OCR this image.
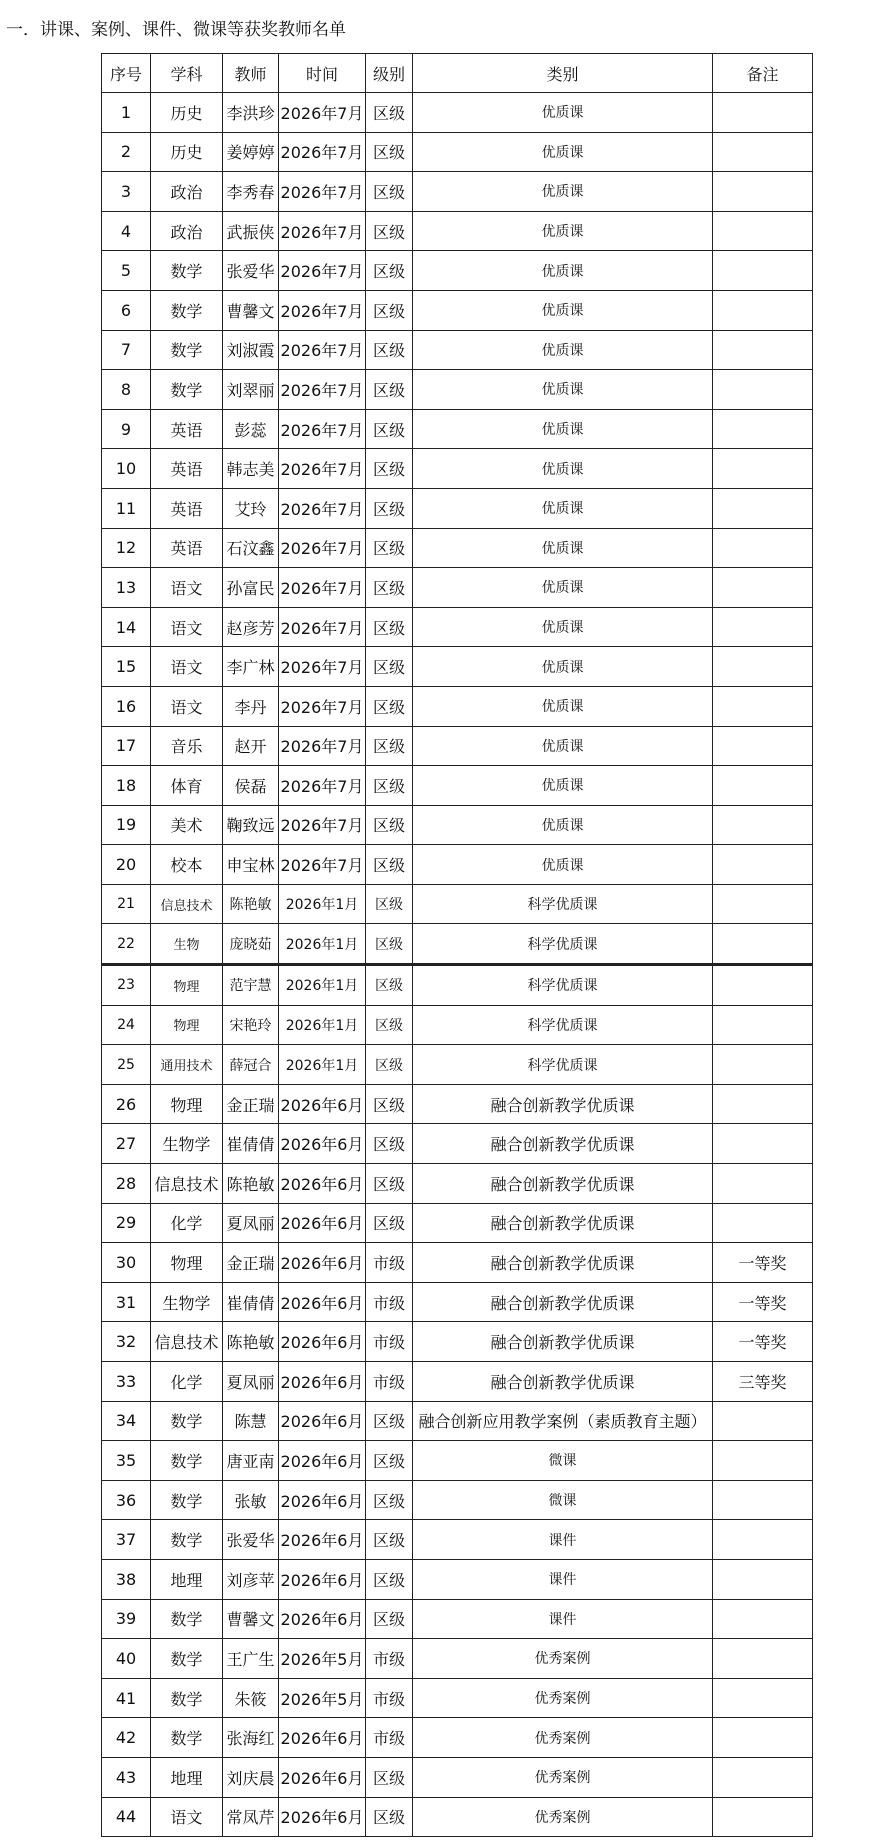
一．讲课、案例、课件、微课等获奖教师名单
序号	学科	教师	时间	级别	类别	备注
1	历史	李洪珍	2026年7月	区级	优质课	
2	历史	姜婷婷	2026年7月	区级	优质课	
3	政治	李秀春	2026年7月	区级	优质课	
4	政治	武振侠	2026年7月	区级	优质课	
5	数学	张爱华	2026年7月	区级	优质课	
6	数学	曹馨文	2026年7月	区级	优质课	
7	数学	刘淑霞	2026年7月	区级	优质课	
8	数学	刘翠丽	2026年7月	区级	优质课	
9	英语	彭蕊	2026年7月	区级	优质课	
10	英语	韩志美	2026年7月	区级	优质课	
11	英语	艾玲	2026年7月	区级	优质课	
12	英语	石汶鑫	2026年7月	区级	优质课	
13	语文	孙富民	2026年7月	区级	优质课	
14	语文	赵彦芳	2026年7月	区级	优质课	
15	语文	李广林	2026年7月	区级	优质课	
16	语文	李丹	2026年7月	区级	优质课	
17	音乐	赵开	2026年7月	区级	优质课	
18	体育	侯磊	2026年7月	区级	优质课	
19	美术	鞠致远	2026年7月	区级	优质课	
20	校本	申宝林	2026年7月	区级	优质课	
21	信息技术	陈艳敏	2026年1月	区级	科学优质课	
22	生物	庞晓茹	2026年1月	区级	科学优质课	
23	物理	范宇慧	2026年1月	区级	科学优质课	
24	物理	宋艳玲	2026年1月	区级	科学优质课	
25	通用技术	薛冠合	2026年1月	区级	科学优质课	
26	物理	金正瑞	2026年6月	区级	融合创新教学优质课	
27	生物学	崔倩倩	2026年6月	区级	融合创新教学优质课	
28	信息技术	陈艳敏	2026年6月	区级	融合创新教学优质课	
29	化学	夏凤丽	2026年6月	区级	融合创新教学优质课	
30	物理	金正瑞	2026年6月	市级	融合创新教学优质课	一等奖
31	生物学	崔倩倩	2026年6月	市级	融合创新教学优质课	一等奖
32	信息技术	陈艳敏	2026年6月	市级	融合创新教学优质课	一等奖
33	化学	夏凤丽	2026年6月	市级	融合创新教学优质课	三等奖
34	数学	陈慧	2026年6月	区级	融合创新应用教学案例（素质教育主题）	
35	数学	唐亚南	2026年6月	区级	微课	
36	数学	张敏	2026年6月	区级	微课	
37	数学	张爱华	2026年6月	区级	课件	
38	地理	刘彦苹	2026年6月	区级	课件	
39	数学	曹馨文	2026年6月	区级	课件	
40	数学	王广生	2026年5月	市级	优秀案例	
41	数学	朱筱	2026年5月	市级	优秀案例	
42	数学	张海红	2026年6月	市级	优秀案例	
43	地理	刘庆晨	2026年6月	区级	优秀案例	
44	语文	常凤芹	2026年6月	区级	优秀案例	
